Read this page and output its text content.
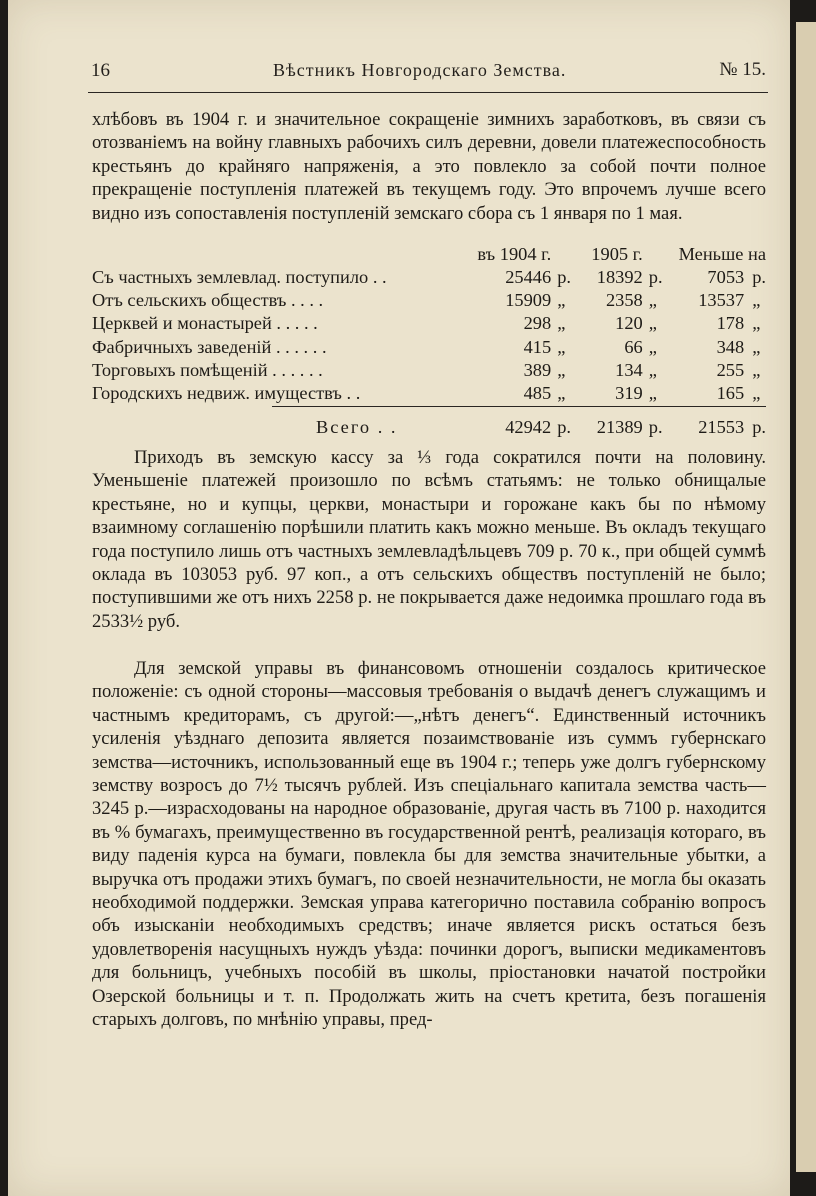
16	Вѣстникъ Новгородскаго Земства.	№ 15.

хлѣбовъ въ 1904 г. и значительное сокращеніе зимнихъ заработковъ, въ связи съ отозваніемъ на войну главныхъ рабочихъ силъ деревни, довели платежеспособность крестьянъ до крайняго напряженія, а это повлекло за собой почти полное прекращеніе поступленія платежей въ текущемъ году. Это впрочемъ лучше всего видно изъ сопоставленія поступленій земскаго сбора съ 1 января по 1 мая.

	въ 1904 г.		1905 г.		Меньше на	
Съ частныхъ землевлад. поступило . .	25446	р.	18392	р.	7053	р.
Отъ сельскихъ обществъ . . . .	15909	„	2358	„	13537	„
Церквей и монастырей . . . . .	298	„	120	„	178	„
Фабричныхъ заведеній . . . . . .	415	„	66	„	348	„
Торговыхъ помѣщеній . . . . . .	389	„	134	„	255	„
Городскихъ недвиж. имуществъ . .	485	„	319	„	165	„
Всего . .	42942	р.	21389	р.	21553	р.

Приходъ въ земскую кассу за ⅓ года сократился почти на половину. Уменьшеніе платежей произошло по всѣмъ статьямъ: не только обнищалые крестьяне, но и купцы, церкви, монастыри и горожане какъ бы по нѣмому взаимному соглашенію порѣшили платить какъ можно меньше. Въ окладъ текущаго года поступило лишь отъ частныхъ землевладѣльцевъ 709 р. 70 к., при общей суммѣ оклада въ 103053 руб. 97 коп., а отъ сельскихъ обществъ поступленій не было; поступившими же отъ нихъ 2258 р. не покрывается даже недоимка прошлаго года въ 2533½ руб.

Для земской управы въ финансовомъ отношеніи создалось критическое положеніе: съ одной стороны—массовыя требованія о выдачѣ денегъ служащимъ и частнымъ кредиторамъ, съ другой:—„нѣтъ денегъ“. Единственный источникъ усиленія уѣзднаго депозита является позаимствованіе изъ суммъ губернскаго земства—источникъ, использованный еще въ 1904 г.; теперь уже долгъ губернскому земству возросъ до 7½ тысячъ рублей. Изъ спеціальнаго капитала земства часть—3245 р.—израсходованы на народное образованіе, другая часть въ 7100 р. находится въ % бумагахъ, преимущественно въ государственной рентѣ, реализація котораго, въ виду паденія курса на бумаги, повлекла бы для земства значительные убытки, а выручка отъ продажи этихъ бумагъ, по своей незначительности, не могла бы оказать необходимой поддержки. Земская управа категорично поставила собранію вопросъ объ изысканіи необходимыхъ средствъ; иначе является рискъ остаться безъ удовлетворенія насущныхъ нуждъ уѣзда: починки дорогъ, выписки медикаментовъ для больницъ, учебныхъ пособій въ школы, пріостановки начатой постройки Озерской больницы и т. п. Продолжать жить на счетъ кретита, безъ погашенія старыхъ долговъ, по мнѣнію управы, пред-
